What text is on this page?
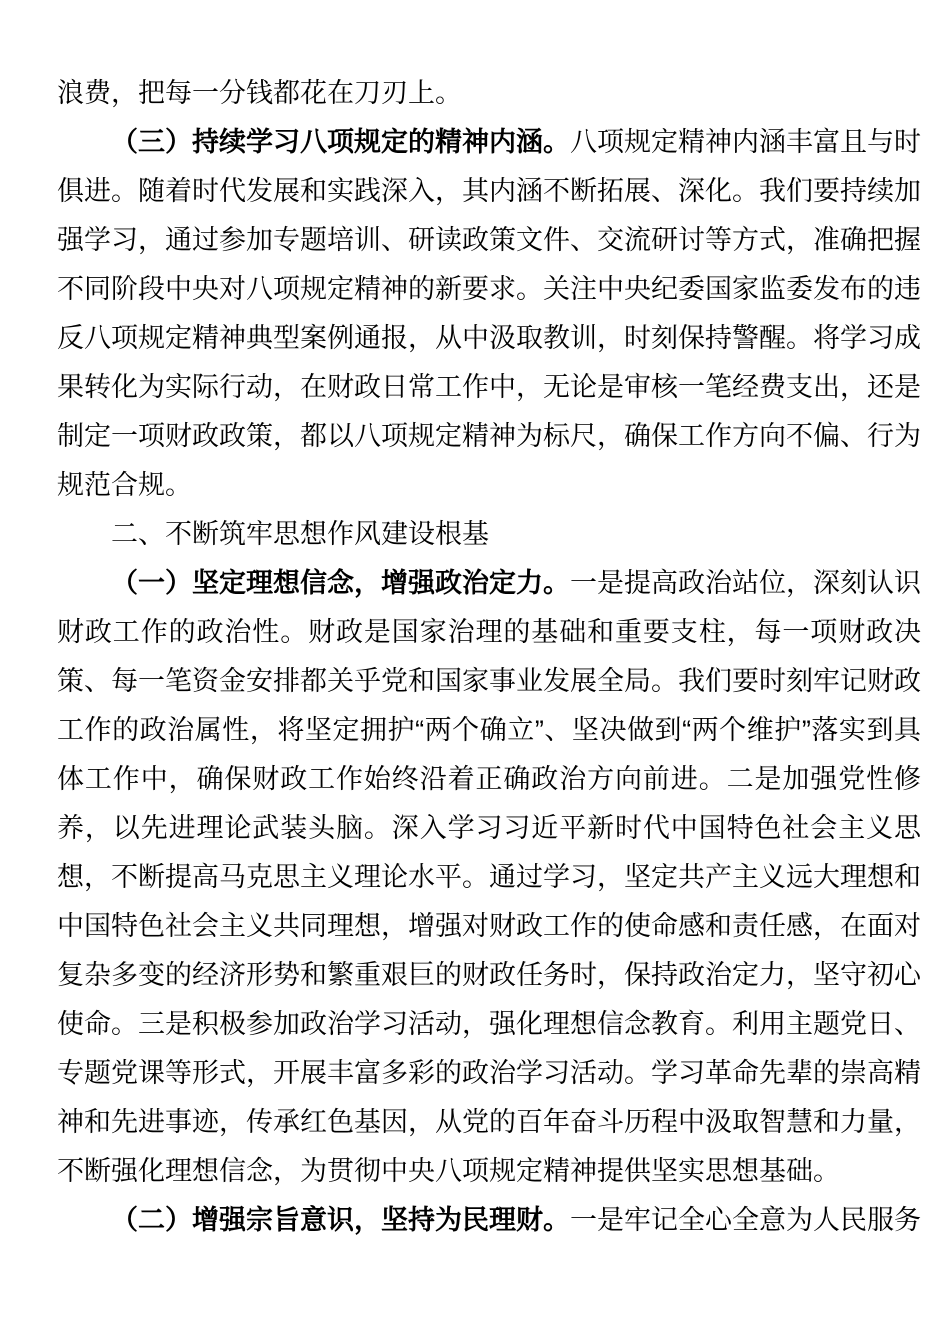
浪费，把每一分钱都花在刀刃上。

（三）持续学习八项规定的精神内涵。八项规定精神内涵丰富且与时俱进。随着时代发展和实践深入，其内涵不断拓展、深化。我们要持续加强学习，通过参加专题培训、研读政策文件、交流研讨等方式，准确把握不同阶段中央对八项规定精神的新要求。关注中央纪委国家监委发布的违反八项规定精神典型案例通报，从中汲取教训，时刻保持警醒。将学习成果转化为实际行动，在财政日常工作中，无论是审核一笔经费支出，还是制定一项财政政策，都以八项规定精神为标尺，确保工作方向不偏、行为规范合规。

二、不断筑牢思想作风建设根基

（一）坚定理想信念，增强政治定力。一是提高政治站位，深刻认识财政工作的政治性。财政是国家治理的基础和重要支柱，每一项财政决策、每一笔资金安排都关乎党和国家事业发展全局。我们要时刻牢记财政工作的政治属性，将坚定拥护“两个确立”、坚决做到“两个维护”落实到具体工作中，确保财政工作始终沿着正确政治方向前进。二是加强党性修养，以先进理论武装头脑。深入学习习近平新时代中国特色社会主义思想，不断提高马克思主义理论水平。通过学习，坚定共产主义远大理想和中国特色社会主义共同理想，增强对财政工作的使命感和责任感，在面对复杂多变的经济形势和繁重艰巨的财政任务时，保持政治定力，坚守初心使命。三是积极参加政治学习活动，强化理想信念教育。利用主题党日、专题党课等形式，开展丰富多彩的政治学习活动。学习革命先辈的崇高精神和先进事迹，传承红色基因，从党的百年奋斗历程中汲取智慧和力量，不断强化理想信念，为贯彻中央八项规定精神提供坚实思想基础。

（二）增强宗旨意识，坚持为民理财。一是牢记全心全意为人民服务
